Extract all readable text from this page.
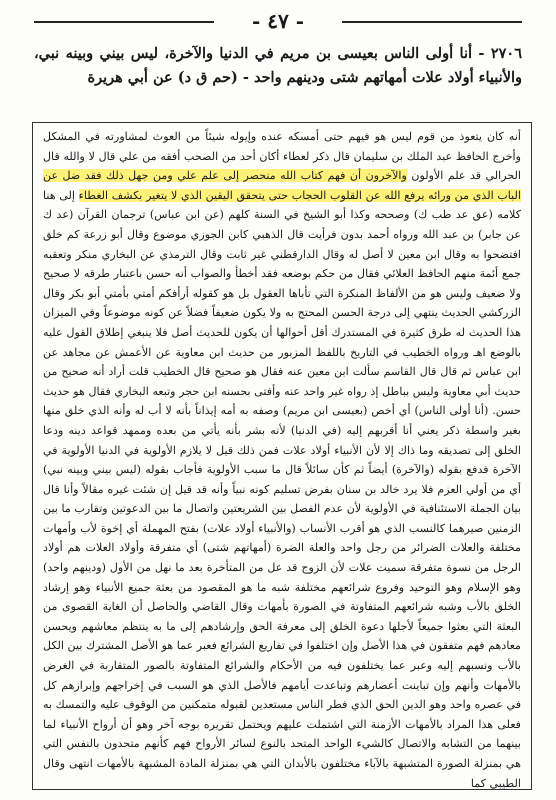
- ٤٧ -
٢٧٠٦ - أنا أولى الناس بعيسى بن مريم في الدنيا والآخرة، ليس بيني وبينه نبي، والأنبياء أولاد علات أمهاتهم شتى ودينهم واحد - (حم ق د) عن أبي هريرة

أنه كان يتعوذ من قوم ليس هو فيهم حتى أمسكه عنده وإيوله شيئاً من العوث لمشاورته في المشكل وأخرج الحافظ عبد الملك بن سليمان قال ذكر لعطاء أكان أحد من الصحب أفقه من علي قال لا والله قال الحرالي قد علم الأولون والآخرون أن فهم كتاب الله منحصر إلى علم علي ومن جهل ذلك فقد ضل عن الباب الذي من ورائه يرفع الله عن القلوب الحجاب حتى يتحقق اليقين الذي لا يتغير بكشف الغطاء إلى هنا كلامه (عق عد طب ك) وصححه وكذا أبو الشيخ في السنة كلهم (عن ابن عباس) ترجمان القرآن (عد ك عن جابر) بن عبد الله ورواه أحمد بدون فرأيت قال الذهبي كابن الجوزي موضوع وقال أبو زرعة كم خلق افتضحوا به وقال ابن معين لا أصل له وقال الدارقطني غير ثابت وقال الترمذي عن البخاري منكر وتعقبه جمع أئمة منهم الحافظ العلائي فقال من حكم بوضعه فقد أخطأ والصواب أنه حسن باعتبار طرقه لا صحيح ولا ضعيف وليس هو من الألفاظ المنكرة التي تأباها العقول بل هو كقوله أرأفكم أمتي بأمتي أبو بكر وقال الزركشي الحديث ينتهي إلى درجة الحسن المحتج به ولا يكون ضعيفاً فضلاً عن كونه موضوعاً وفي الميزان هذا الحديث له طرق كثيرة في المستدرك أقل أحوالها أن يكون للحديث أصل فلا ينبغي إطلاق القول عليه بالوضع اهـ ورواه الخطيب في التاريخ باللفظ المزبور من حديث ابن معاوية عن الأعمش عن مجاهد عن ابن عباس ثم قال قال القاسم سألت ابن معين عنه فقال هو صحيح قال الخطيب قلت أراد أنه صحيح من حديث أبي معاوية وليس بباطل إذ رواه غير واحد عنه وأفتى بحسنه ابن حجر وتبعه البخاري فقال هو حديث حسن. (أنا أولى الناس) أي أخص (بعيسى ابن مريم) وصفه به أمه إيذاناً بأنه لا أب له وأنه الذي خلق منها بغير واسطة ذكر يعني أنا أقربهم إليه (في الدنيا) لأنه بشر بأنه يأتي من بعده وممهد قواعد دينه ودعا الخلق إلى تصديقه وما ذاك إلا لأن الأنبياء أولاد علات فمن ذلك قيل لا يلازم الأولوية في الدنيا الأولوية في الآخرة فدفع بقوله (والآخرة) أيضاً ثم كأن سائلاً قال ما سبب الأولوية فأجاب بقوله (ليس بيني وبينه نبي) أي من أولي العزم فلا يرد خالد بن سنان بفرض تسليم كونه نبياً وأنه قد قيل إن شئت غيره مقالاً وأنا قال بيان الجملة الاستئنافية في الأولوية لأن عدم الفصل بين الشريعتين واتصال ما بين الدعوتين وتقارب ما بين الزمنين صيرهما كالنسب الذي هو أقرب الأنساب (والأنبياء أولاد علات) بفتح المهملة أي إخوة لأب وأمهات مختلفة والعلات الضرائر من رجل واحد والعلة الضرة (أمهاتهم شتى) أي متفرقة وأولاد العلات هم أولاد الرجل من نسوة متفرقة سميت علات لأن الزوج قد عل من المتأخرة بعد ما نهل من الأول (ودينهم واحد) وهو الإسلام وهو التوحيد وفروع شرائعهم مختلفة شبه ما هو المقصود من بعثة جميع الأنبياء وهو إرشاد الخلق بالأب وشبه شرائعهم المتفاوتة في الصورة بأمهات وقال القاضي والحاصل أن الغاية القصوى من البعثة التي بعثوا جميعاً لأجلها دعوة الخلق إلى معرفة الحق وإرشادهم إلى ما به ينتظم معاشهم ويحسن معادهم فهم متفقون في هذا الأصل وإن اختلفوا في تفاريع الشرائع فعبر عما هو الأصل المشترك بين الكل بالأب ونسبهم إليه وعبر عما يختلفون فيه من الأحكام والشرائع المتفاوتة بالصور المتقاربة في الغرض بالأمهات وأنهم وإن تباينت أعصارهم وتباعدت أيامهم فالأصل الذي هو السبب في إخراجهم وإبرازهم كل في عصره واحد وهو الدين الحق الذي فطر الناس مستعدين لقبوله متمكنين من الوقوف عليه والتمسك به فعلى هذا المراد بالأمهات الأزمنة التي اشتملت عليهم ويحتمل تقريره بوجه آخر وهو أن أرواح الأنبياء لما بينهما من التشابه والاتصال كالشيء الواحد المتحد بالنوع لسائر الأرواح فهم كأنهم متحدون بالنفس التي هي بمنزلة الصورة المتشبهة بالآباء مختلفون بالأبدان التي هي بمنزلة المادة المشبهة بالأمهات انتهى وقال الطيبي كما
